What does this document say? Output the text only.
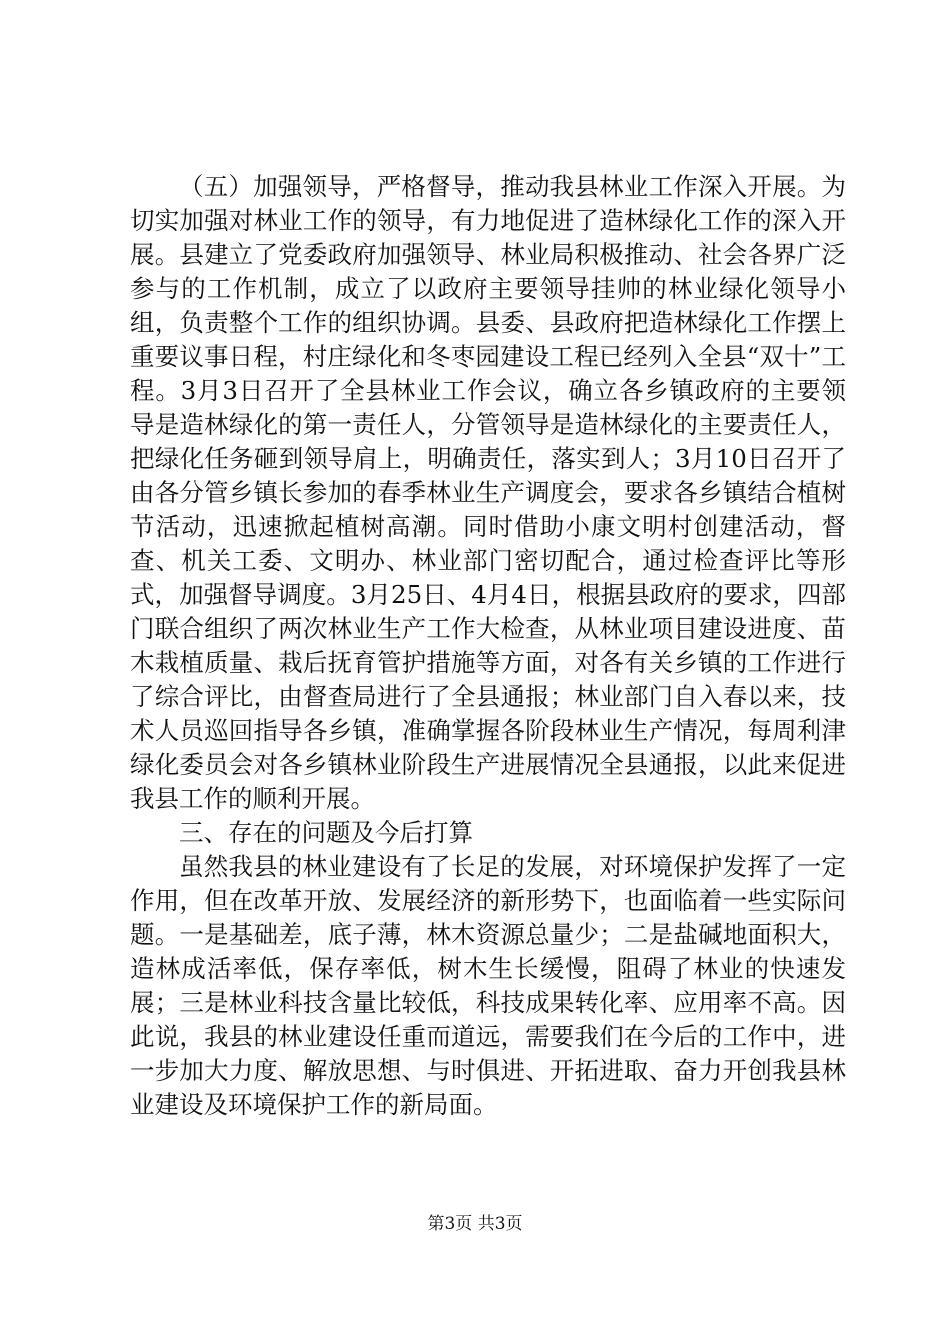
（五）加强领导，严格督导，推动我县林业工作深入开展。为切实加强对林业工作的领导，有力地促进了造林绿化工作的深入开展。县建立了党委政府加强领导、林业局积极推动、社会各界广泛参与的工作机制，成立了以政府主要领导挂帅的林业绿化领导小组，负责整个工作的组织协调。县委、县政府把造林绿化工作摆上重要议事日程，村庄绿化和冬枣园建设工程已经列入全县“双十”工程。3月3日召开了全县林业工作会议，确立各乡镇政府的主要领导是造林绿化的第一责任人，分管领导是造林绿化的主要责任人，把绿化任务砸到领导肩上，明确责任，落实到人；3月10日召开了由各分管乡镇长参加的春季林业生产调度会，要求各乡镇结合植树节活动，迅速掀起植树高潮。同时借助小康文明村创建活动，督查、机关工委、文明办、林业部门密切配合，通过检查评比等形式，加强督导调度。3月25日、4月4日，根据县政府的要求，四部门联合组织了两次林业生产工作大检查，从林业项目建设进度、苗木栽植质量、栽后抚育管护措施等方面，对各有关乡镇的工作进行了综合评比，由督查局进行了全县通报；林业部门自入春以来，技术人员巡回指导各乡镇，准确掌握各阶段林业生产情况，每周利津绿化委员会对各乡镇林业阶段生产进展情况全县通报，以此来促进我县工作的顺利开展。

三、存在的问题及今后打算

虽然我县的林业建设有了长足的发展，对环境保护发挥了一定作用，但在改革开放、发展经济的新形势下，也面临着一些实际问题。一是基础差，底子薄，林木资源总量少；二是盐碱地面积大，造林成活率低，保存率低，树木生长缓慢，阻碍了林业的快速发展；三是林业科技含量比较低，科技成果转化率、应用率不高。因此说，我县的林业建设任重而道远，需要我们在今后的工作中，进一步加大力度、解放思想、与时俱进、开拓进取、奋力开创我县林业建设及环境保护工作的新局面。

第3页 共3页
